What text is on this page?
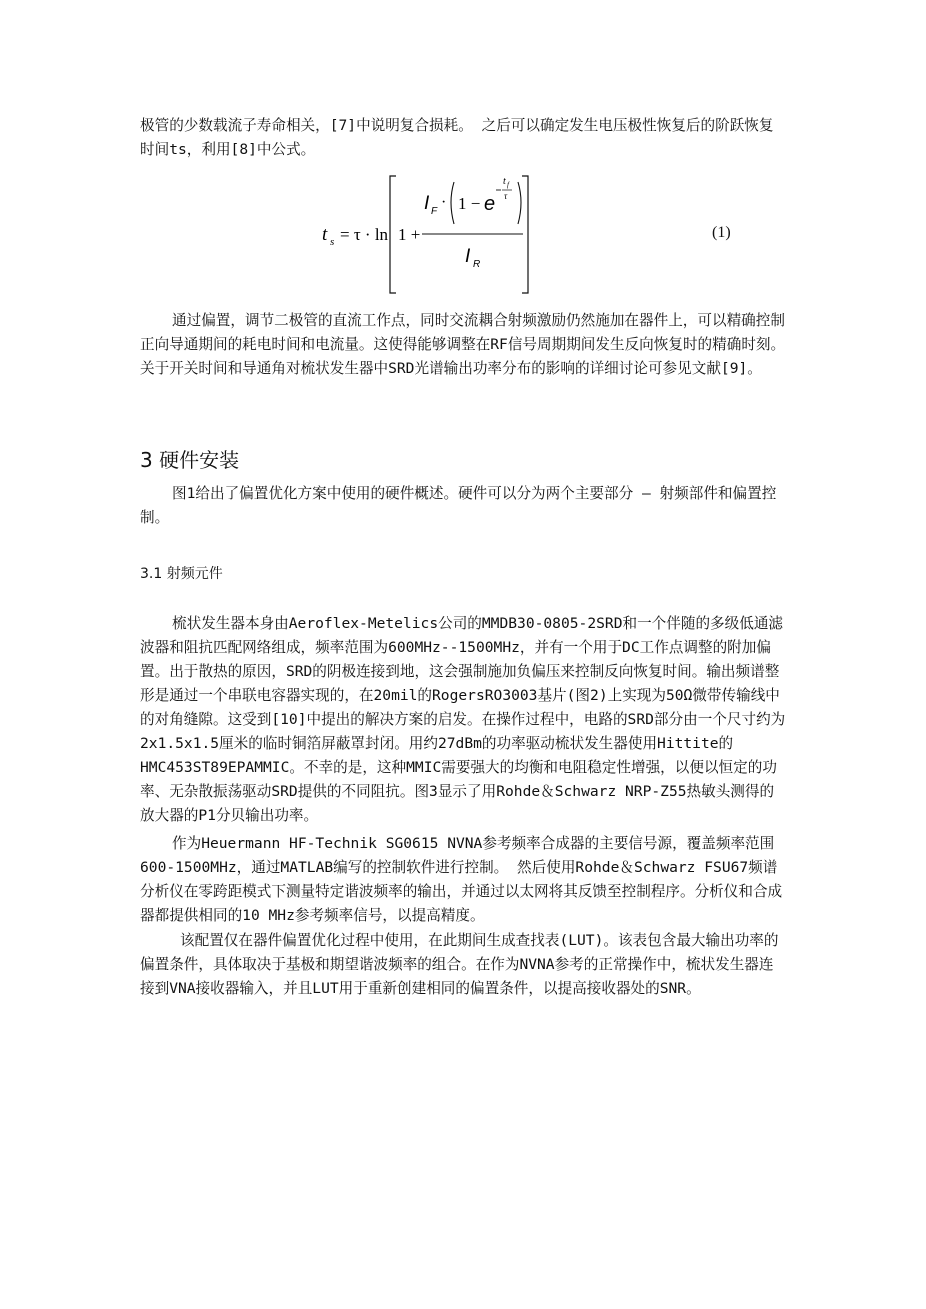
极管的少数载流子寿命相关，[7]中说明复合损耗。 之后可以确定发生电压极性恢复后的阶跃恢复时间ts，利用[8]中公式。

t s = τ · ln 1 +
I F
· 1 − e
t f
τ
I R
(1)

通过偏置，调节二极管的直流工作点，同时交流耦合射频激励仍然施加在器件上，可以精确控制正向导通期间的耗电时间和电流量。这使得能够调整在RF信号周期期间发生反向恢复时的精确时刻。关于开关时间和导通角对梳状发生器中SRD光谱输出功率分布的影响的详细讨论可参见文献[9]。

3 硬件安装

图1给出了偏置优化方案中使用的硬件概述。硬件可以分为两个主要部分 – 射频部件和偏置控制。

3.1 射频元件

梳状发生器本身由Aeroflex-Metelics公司的MMDB30-0805-2SRD和一个伴随的多级低通滤波器和阻抗匹配网络组成，频率范围为600MHz--1500MHz，并有一个用于DC工作点调整的附加偏置。出于散热的原因，SRD的阴极连接到地，这会强制施加负偏压来控制反向恢复时间。输出频谱整形是通过一个串联电容器实现的，在20mil的RogersRO3003基片(图2)上实现为50Ω微带传输线中的对角缝隙。这受到[10]中提出的解决方案的启发。在操作过程中，电路的SRD部分由一个尺寸约为2x1.5x1.5厘米的临时铜箔屏蔽罩封闭。用约27dBm的功率驱动梳状发生器使用Hittite的HMC453ST89EPAMMIC。不幸的是，这种MMIC需要强大的均衡和电阻稳定性增强，以便以恒定的功率、无杂散振荡驱动SRD提供的不同阻抗。图3显示了用Rohde＆Schwarz NRP-Z55热敏头测得的放大器的P1分贝输出功率。

作为Heuermann HF-Technik SG0615 NVNA参考频率合成器的主要信号源，覆盖频率范围600-1500MHz，通过MATLAB编写的控制软件进行控制。 然后使用Rohde＆Schwarz FSU67频谱分析仪在零跨距模式下测量特定谐波频率的输出，并通过以太网将其反馈至控制程序。分析仪和合成器都提供相同的10 MHz参考频率信号，以提高精度。

该配置仅在器件偏置优化过程中使用，在此期间生成查找表(LUT)。该表包含最大输出功率的偏置条件，具体取决于基极和期望谐波频率的组合。在作为NVNA参考的正常操作中，梳状发生器连接到VNA接收器输入，并且LUT用于重新创建相同的偏置条件，以提高接收器处的SNR。
